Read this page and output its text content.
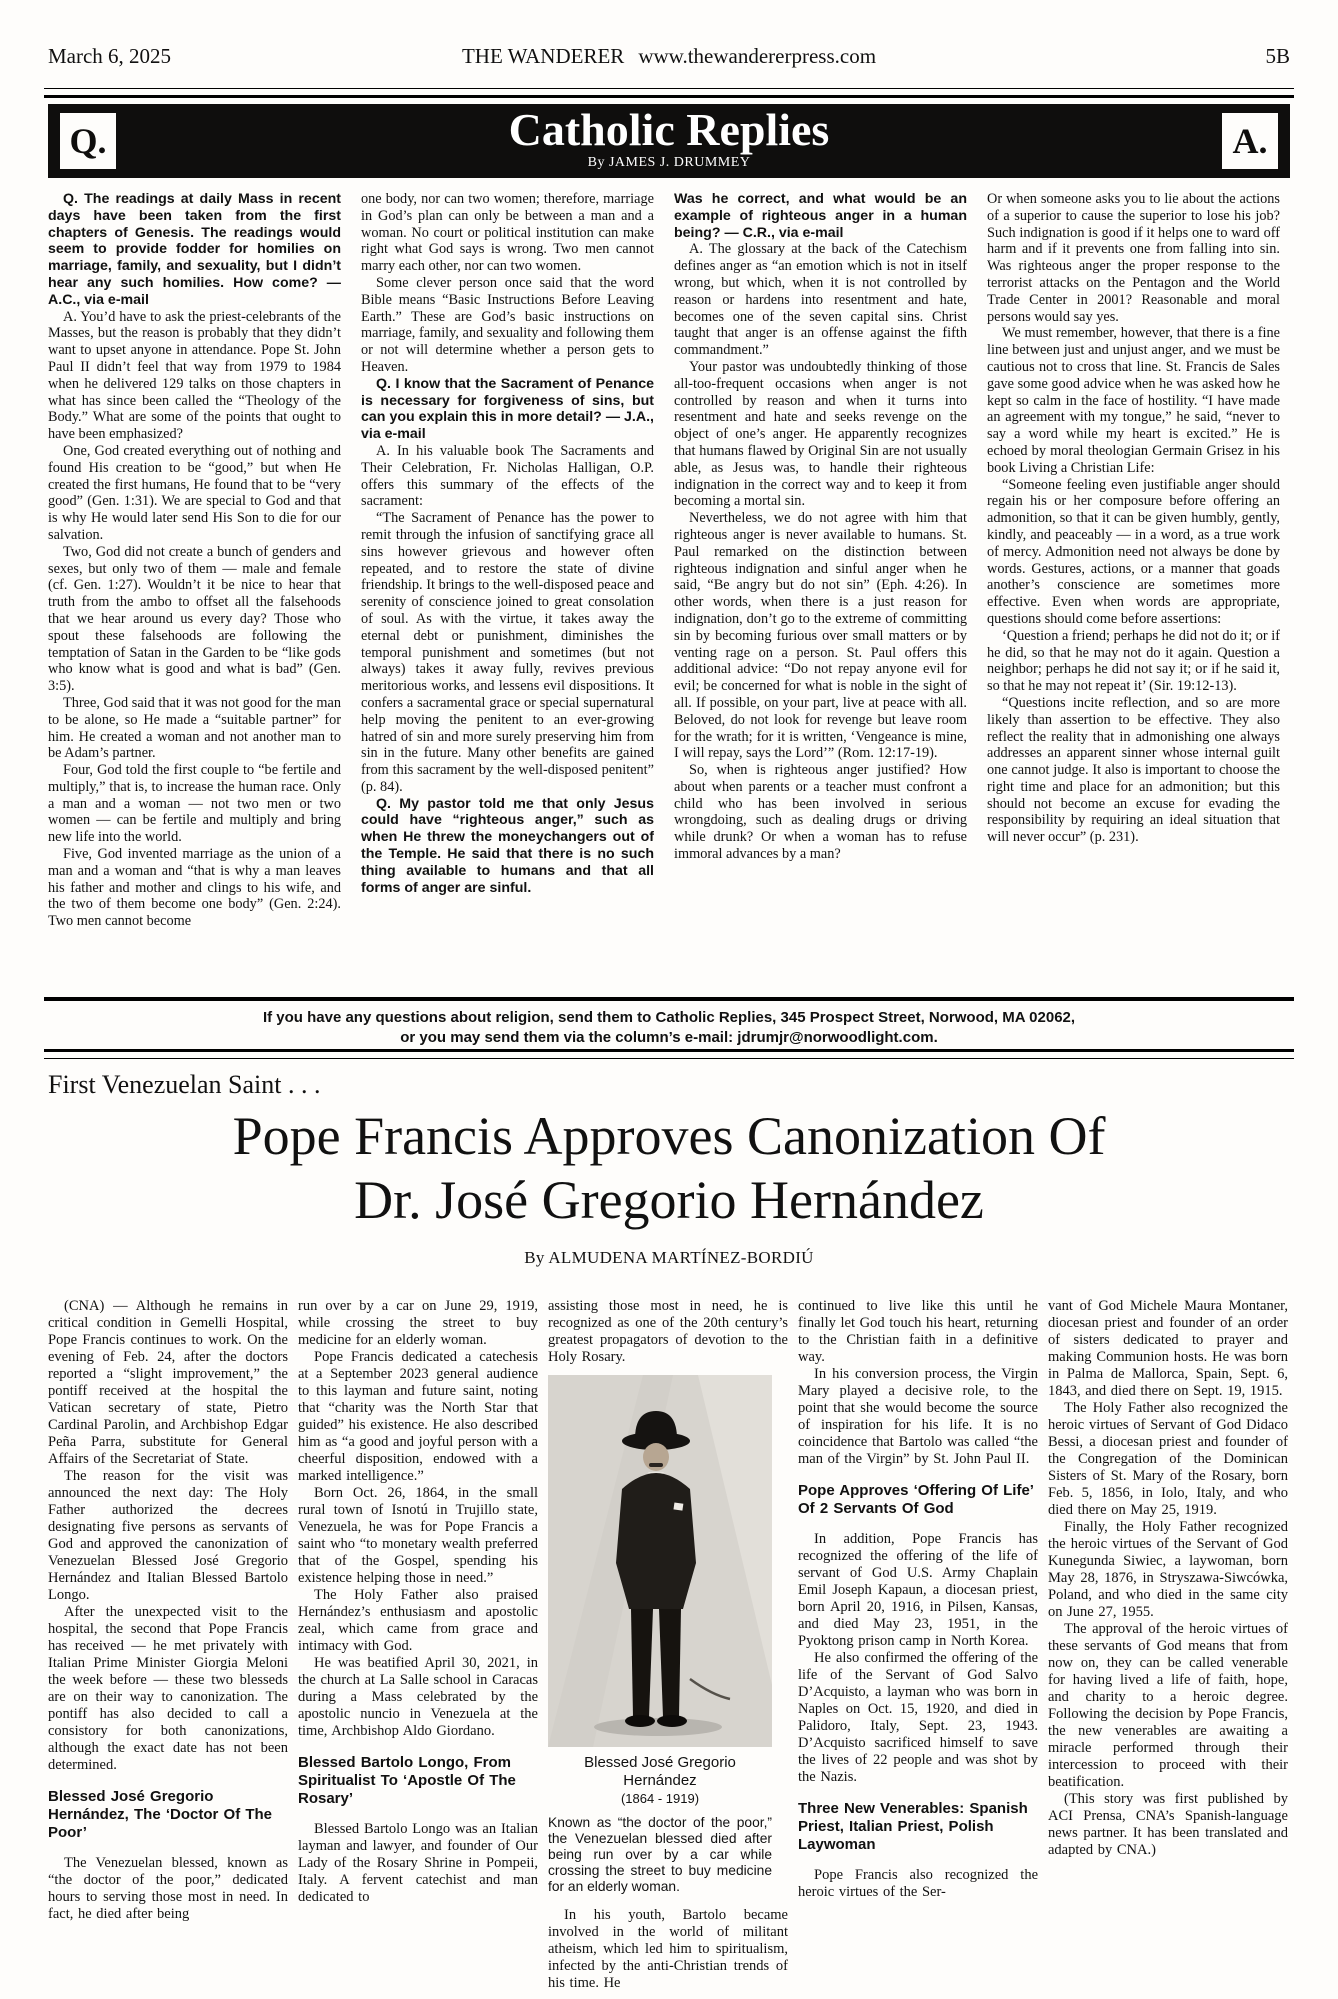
March 6, 2025	THE WANDERER www.thewandererpress.com	5B
Q.	Catholic Replies
By JAMES J. DRUMMEY
A.

Q. The readings at daily Mass in recent days have been taken from the first chapters of Genesis. The readings would seem to provide fodder for homilies on marriage, family, and sexuality, but I didn’t hear any such homilies. How come? — A.C., via e-mail

A. You’d have to ask the priest-celebrants of the Masses, but the reason is probably that they didn’t want to upset anyone in attendance. Pope St. John Paul II didn’t feel that way from 1979 to 1984 when he delivered 129 talks on those chapters in what has since been called the “Theology of the Body.” What are some of the points that ought to have been emphasized?

One, God created everything out of nothing and found His creation to be “good,” but when He created the first humans, He found that to be “very good” (Gen. 1:31). We are special to God and that is why He would later send His Son to die for our salvation.

Two, God did not create a bunch of genders and sexes, but only two of them — male and female (cf. Gen. 1:27). Wouldn’t it be nice to hear that truth from the ambo to offset all the falsehoods that we hear around us every day? Those who spout these falsehoods are following the temptation of Satan in the Garden to be “like gods who know what is good and what is bad” (Gen. 3:5).

Three, God said that it was not good for the man to be alone, so He made a “suitable partner” for him. He created a woman and not another man to be Adam’s partner.

Four, God told the first couple to “be fertile and multiply,” that is, to increase the human race. Only a man and a woman — not two men or two women — can be fertile and multiply and bring new life into the world.

Five, God invented marriage as the union of a man and a woman and “that is why a man leaves his father and mother and clings to his wife, and the two of them become one body” (Gen. 2:24). Two men cannot become

one body, nor can two women; therefore, marriage in God’s plan can only be between a man and a woman. No court or political institution can make right what God says is wrong. Two men cannot marry each other, nor can two women.

Some clever person once said that the word Bible means “Basic Instructions Before Leaving Earth.” These are God’s basic instructions on marriage, family, and sexuality and following them or not will determine whether a person gets to Heaven.

Q. I know that the Sacrament of Penance is necessary for forgiveness of sins, but can you explain this in more detail? — J.A., via e-mail

A. In his valuable book The Sacraments and Their Celebration, Fr. Nicholas Halligan, O.P. offers this summary of the effects of the sacrament:

“The Sacrament of Penance has the power to remit through the infusion of sanctifying grace all sins however grievous and however often repeated, and to restore the state of divine friendship. It brings to the well-disposed peace and serenity of conscience joined to great consolation of soul. As with the virtue, it takes away the eternal debt or punishment, diminishes the temporal punishment and sometimes (but not always) takes it away fully, revives previous meritorious works, and lessens evil dispositions. It confers a sacramental grace or special supernatural help moving the penitent to an ever-growing hatred of sin and more surely preserving him from sin in the future. Many other benefits are gained from this sacrament by the well-disposed penitent” (p. 84).

Q. My pastor told me that only Jesus could have “righteous anger,” such as when He threw the moneychangers out of the Temple. He said that there is no such thing available to humans and that all forms of anger are sinful.

Was he correct, and what would be an example of righteous anger in a human being? — C.R., via e-mail

A. The glossary at the back of the Catechism defines anger as “an emotion which is not in itself wrong, but which, when it is not controlled by reason or hardens into resentment and hate, becomes one of the seven capital sins. Christ taught that anger is an offense against the fifth commandment.”

Your pastor was undoubtedly thinking of those all-too-frequent occasions when anger is not controlled by reason and when it turns into resentment and hate and seeks revenge on the object of one’s anger. He apparently recognizes that humans flawed by Original Sin are not usually able, as Jesus was, to handle their righteous indignation in the correct way and to keep it from becoming a mortal sin.

Nevertheless, we do not agree with him that righteous anger is never available to humans. St. Paul remarked on the distinction between righteous indignation and sinful anger when he said, “Be angry but do not sin” (Eph. 4:26). In other words, when there is a just reason for indignation, don’t go to the extreme of committing sin by becoming furious over small matters or by venting rage on a person. St. Paul offers this additional advice: “Do not repay anyone evil for evil; be concerned for what is noble in the sight of all. If possible, on your part, live at peace with all. Beloved, do not look for revenge but leave room for the wrath; for it is written, ‘Vengeance is mine, I will repay, says the Lord’” (Rom. 12:17-19).

So, when is righteous anger justified? How about when parents or a teacher must confront a child who has been involved in serious wrongdoing, such as dealing drugs or driving while drunk? Or when a woman has to refuse immoral advances by a man?

Or when someone asks you to lie about the actions of a superior to cause the superior to lose his job? Such indignation is good if it helps one to ward off harm and if it prevents one from falling into sin. Was righteous anger the proper response to the terrorist attacks on the Pentagon and the World Trade Center in 2001? Reasonable and moral persons would say yes.

We must remember, however, that there is a fine line between just and unjust anger, and we must be cautious not to cross that line. St. Francis de Sales gave some good advice when he was asked how he kept so calm in the face of hostility. “I have made an agreement with my tongue,” he said, “never to say a word while my heart is excited.” He is echoed by moral theologian Germain Grisez in his book Living a Christian Life:

“Someone feeling even justifiable anger should regain his or her composure before offering an admonition, so that it can be given humbly, gently, kindly, and peaceably — in a word, as a true work of mercy. Admonition need not always be done by words. Gestures, actions, or a manner that goads another’s conscience are sometimes more effective. Even when words are appropriate, questions should come before assertions:

‘Question a friend; perhaps he did not do it; or if he did, so that he may not do it again. Question a neighbor; perhaps he did not say it; or if he said it, so that he may not repeat it’ (Sir. 19:12-13).

“Questions incite reflection, and so are more likely than assertion to be effective. They also reflect the reality that in admonishing one always addresses an apparent sinner whose internal guilt one cannot judge. It also is important to choose the right time and place for an admonition; but this should not become an excuse for evading the responsibility by requiring an ideal situation that will never occur” (p. 231).

If you have any questions about religion, send them to Catholic Replies, 345 Prospect Street, Norwood, MA 02062,
or you may send them via the column’s e-mail: jdrumjr@norwoodlight.com.
First Venezuelan Saint . . .
Pope Francis Approves Canonization Of
Dr. José Gregorio Hernández
By ALMUDENA MARTÍNEZ-BORDIÚ

(CNA) — Although he remains in critical condition in Gemelli Hospital, Pope Francis continues to work. On the evening of Feb. 24, after the doctors reported a “slight improvement,” the pontiff received at the hospital the Vatican secretary of state, Pietro Cardinal Parolin, and Archbishop Edgar Peña Parra, substitute for General Affairs of the Secretariat of State.

The reason for the visit was announced the next day: The Holy Father authorized the decrees designating five persons as servants of God and approved the canonization of Venezuelan Blessed José Gregorio Hernández and Italian Blessed Bartolo Longo.

After the unexpected visit to the hospital, the second that Pope Francis has received — he met privately with Italian Prime Minister Giorgia Meloni the week before — these two blesseds are on their way to canonization. The pontiff has also decided to call a consistory for both canonizations, although the exact date has not been determined.

Blessed José Gregorio Hernández, The ‘Doctor Of The Poor’

The Venezuelan blessed, known as “the doctor of the poor,” dedicated hours to serving those most in need. In fact, he died after being

run over by a car on June 29, 1919, while crossing the street to buy medicine for an elderly woman.

Pope Francis dedicated a catechesis at a September 2023 general audience to this layman and future saint, noting that “charity was the North Star that guided” his existence. He also described him as “a good and joyful person with a cheerful disposition, endowed with a marked intelligence.”

Born Oct. 26, 1864, in the small rural town of Isnotú in Trujillo state, Venezuela, he was for Pope Francis a saint who “to monetary wealth preferred that of the Gospel, spending his existence helping those in need.”

The Holy Father also praised Hernández’s enthusiasm and apostolic zeal, which came from grace and intimacy with God.

He was beatified April 30, 2021, in the church at La Salle school in Caracas during a Mass celebrated by the apostolic nuncio in Venezuela at the time, Archbishop Aldo Giordano.

Blessed Bartolo Longo, From Spiritualist To ‘Apostle Of The Rosary’

Blessed Bartolo Longo was an Italian layman and lawyer, and founder of Our Lady of the Rosary Shrine in Pompeii, Italy. A fervent catechist and man dedicated to

assisting those most in need, he is recognized as one of the 20th century’s greatest propagators of devotion to the Holy Rosary.

Blessed José Gregorio Hernández
(1864 - 1919)
Known as “the doctor of the poor,” the Venezuelan blessed died after being run over by a car while crossing the street to buy medicine for an elderly woman.

In his youth, Bartolo became involved in the world of militant atheism, which led him to spiritualism, infected by the anti-Christian trends of his time. He

continued to live like this until he finally let God touch his heart, returning to the Christian faith in a definitive way.

In his conversion process, the Virgin Mary played a decisive role, to the point that she would become the source of inspiration for his life. It is no coincidence that Bartolo was called “the man of the Virgin” by St. John Paul II.

Pope Approves ‘Offering Of Life’ Of 2 Servants Of God

In addition, Pope Francis has recognized the offering of the life of servant of God U.S. Army Chaplain Emil Joseph Kapaun, a diocesan priest, born April 20, 1916, in Pilsen, Kansas, and died May 23, 1951, in the Pyoktong prison camp in North Korea.

He also confirmed the offering of the life of the Servant of God Salvo D’Acquisto, a layman who was born in Naples on Oct. 15, 1920, and died in Palidoro, Italy, Sept. 23, 1943. D’Acquisto sacrificed himself to save the lives of 22 people and was shot by the Nazis.

Three New Venerables: Spanish Priest, Italian Priest, Polish Laywoman

Pope Francis also recognized the heroic virtues of the Ser-

vant of God Michele Maura Montaner, diocesan priest and founder of an order of sisters dedicated to prayer and making Communion hosts. He was born in Palma de Mallorca, Spain, Sept. 6, 1843, and died there on Sept. 19, 1915.

The Holy Father also recognized the heroic virtues of Servant of God Didaco Bessi, a diocesan priest and founder of the Congregation of the Dominican Sisters of St. Mary of the Rosary, born Feb. 5, 1856, in Iolo, Italy, and who died there on May 25, 1919.

Finally, the Holy Father recognized the heroic virtues of the Servant of God Kunegunda Siwiec, a laywoman, born May 28, 1876, in Stryszawa-Siwcówka, Poland, and who died in the same city on June 27, 1955.

The approval of the heroic virtues of these servants of God means that from now on, they can be called venerable for having lived a life of faith, hope, and charity to a heroic degree. Following the decision by Pope Francis, the new venerables are awaiting a miracle performed through their intercession to proceed with their beatification.

(This story was first published by ACI Prensa, CNA’s Spanish-language news partner. It has been translated and adapted by CNA.)
